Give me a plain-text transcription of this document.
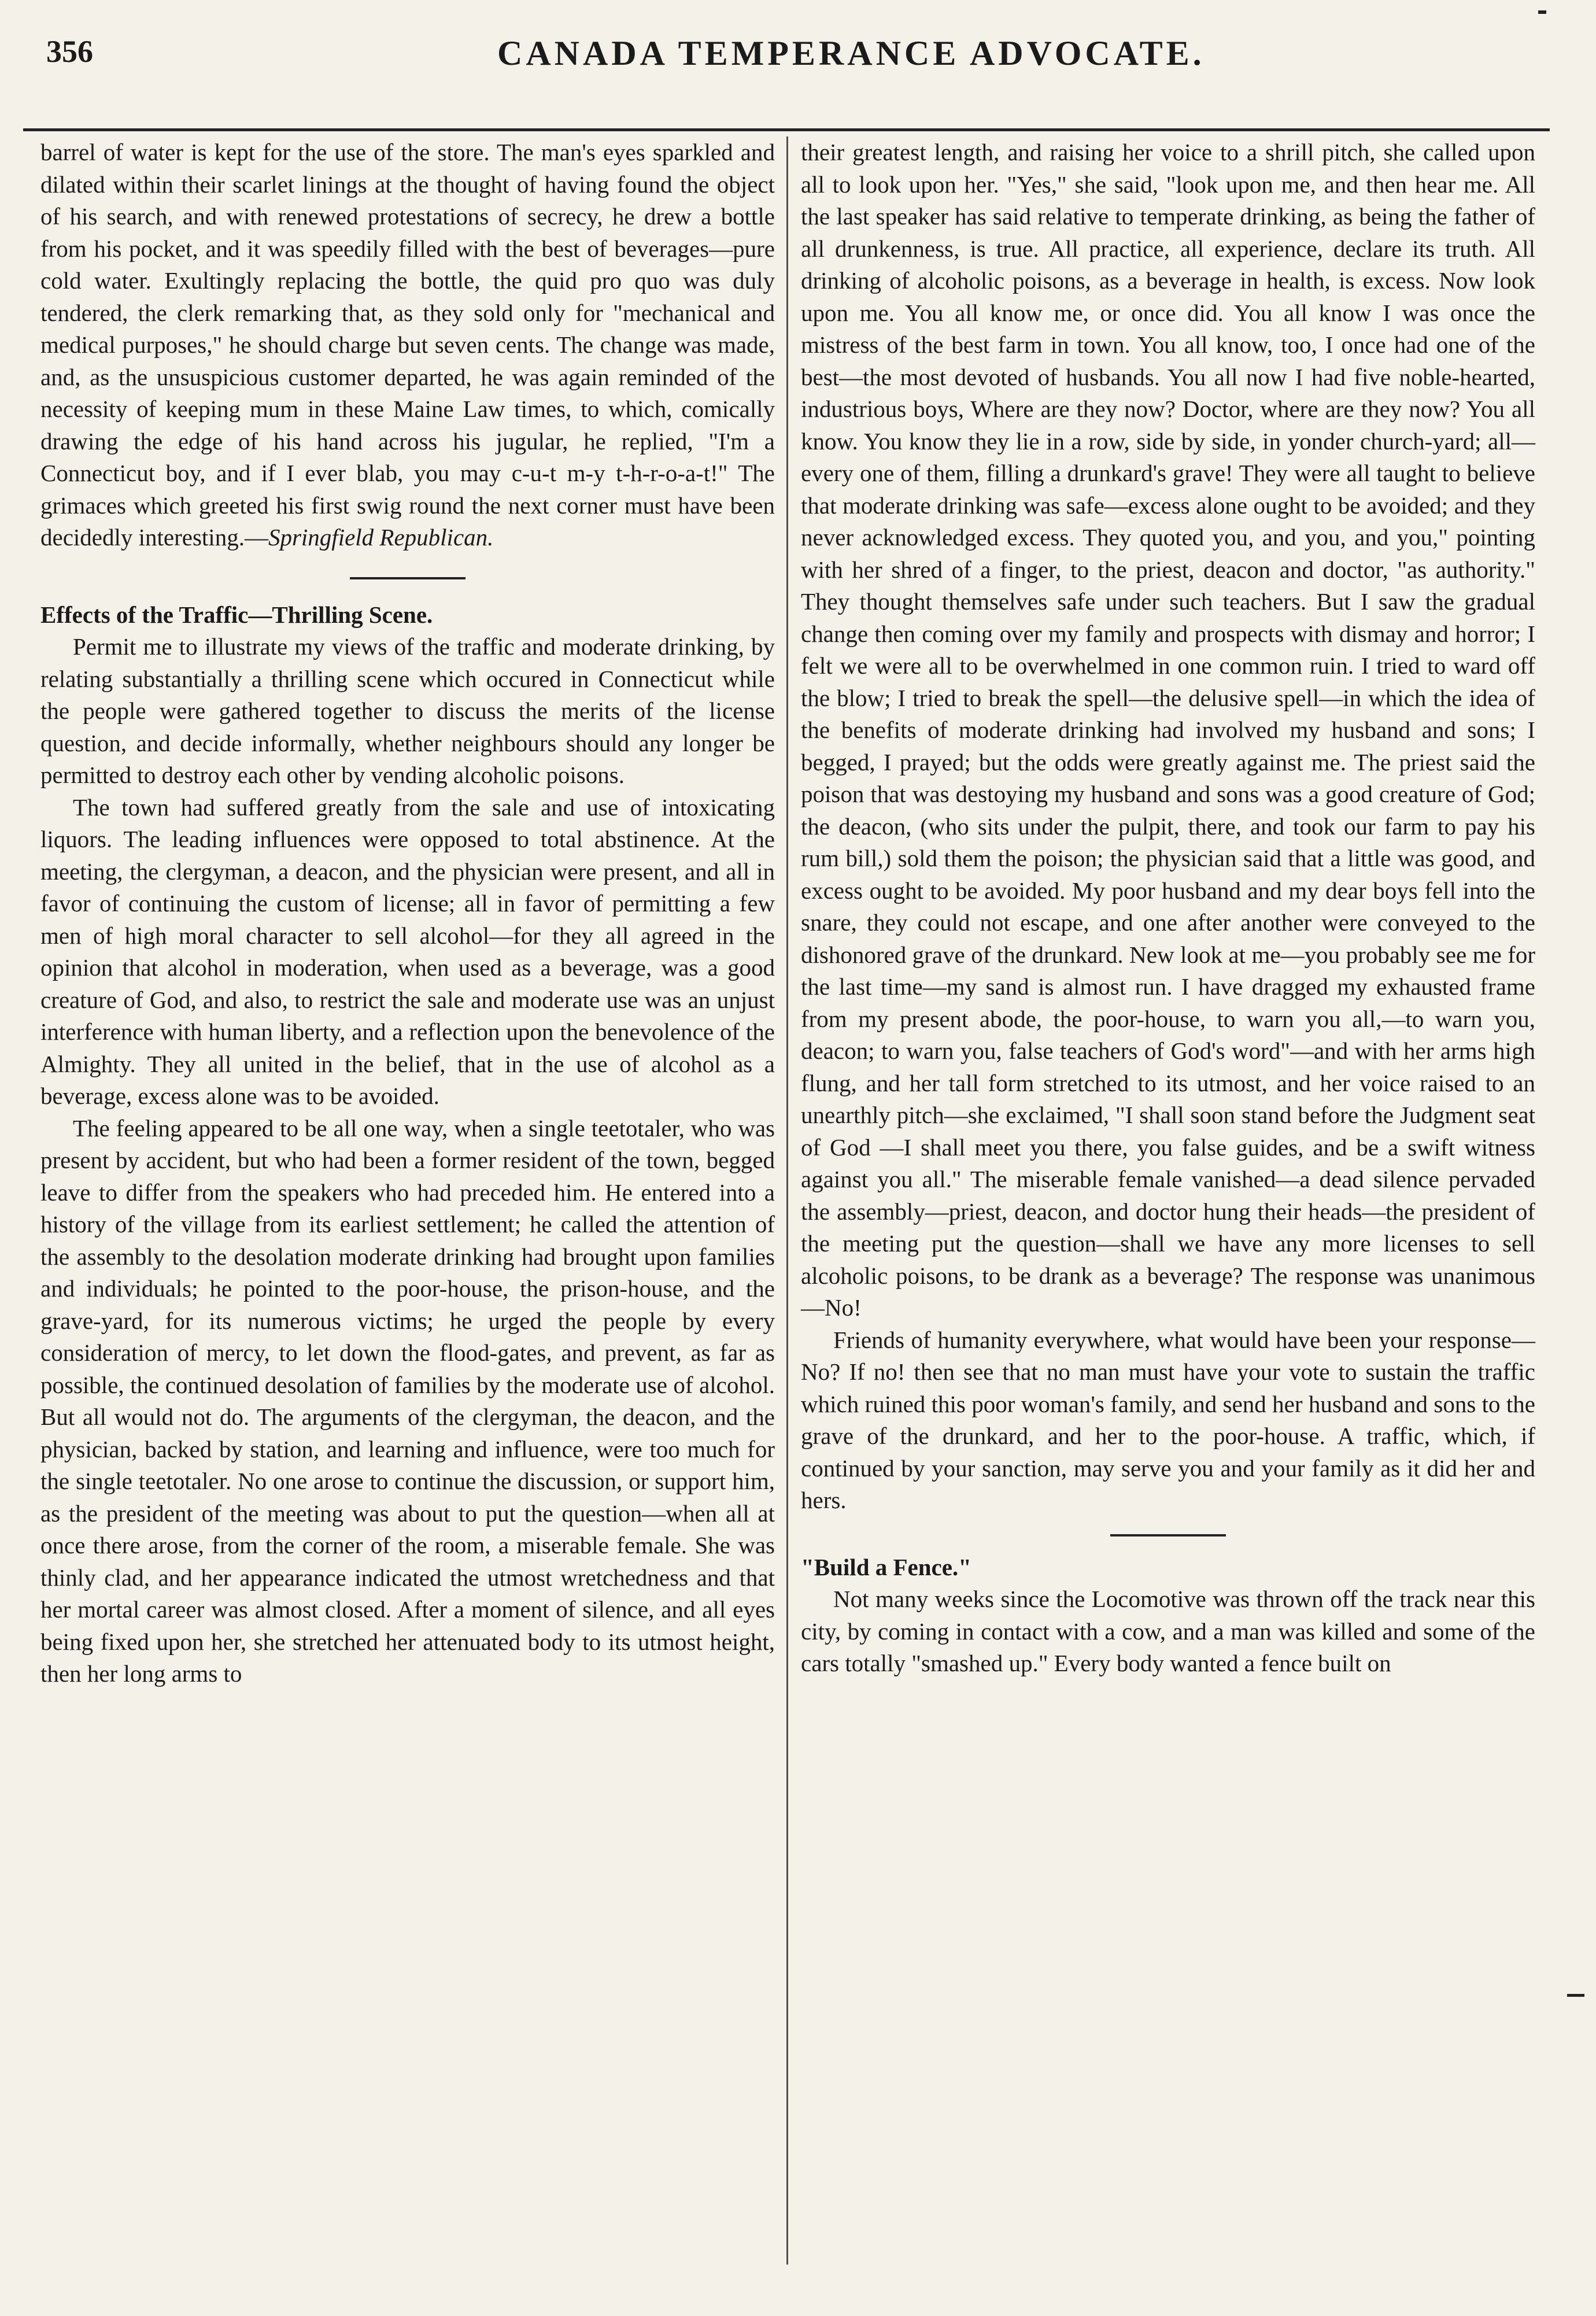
356	CANADA TEMPERANCE ADVOCATE.

barrel of water is kept for the use of the store. The man's eyes sparkled and dilated within their scarlet linings at the thought of having found the object of his search, and with renewed protestations of secrecy, he drew a bottle from his pocket, and it was speedily filled with the best of beverages—pure cold water. Exultingly replacing the bottle, the quid pro quo was duly tendered, the clerk remarking that, as they sold only for "mechanical and medical purposes," he should charge but seven cents. The change was made, and, as the unsuspicious customer departed, he was again reminded of the necessity of keeping mum in these Maine Law times, to which, comically drawing the edge of his hand across his jugular, he replied, "I'm a Connecticut boy, and if I ever blab, you may c-u-t m-y t-h-r-o-a-t!" The grimaces which greeted his first swig round the next corner must have been decidedly interesting.—Springfield Republican.

Effects of the Traffic—Thrilling Scene.

Permit me to illustrate my views of the traffic and moderate drinking, by relating substantially a thrilling scene which occured in Connecticut while the people were gathered together to discuss the merits of the license question, and decide informally, whether neighbours should any longer be permitted to destroy each other by vending alcoholic poisons.

The town had suffered greatly from the sale and use of intoxicating liquors. The leading influences were opposed to total abstinence. At the meeting, the clergyman, a deacon, and the physician were present, and all in favor of continuing the custom of license; all in favor of permitting a few men of high moral character to sell alcohol—for they all agreed in the opinion that alcohol in moderation, when used as a beverage, was a good creature of God, and also, to restrict the sale and moderate use was an unjust interference with human liberty, and a reflection upon the benevolence of the Almighty. They all united in the belief, that in the use of alcohol as a beverage, excess alone was to be avoided.

The feeling appeared to be all one way, when a single teetotaler, who was present by accident, but who had been a former resident of the town, begged leave to differ from the speakers who had preceded him. He entered into a history of the village from its earliest settlement; he called the attention of the assembly to the desolation moderate drinking had brought upon families and individuals; he pointed to the poor-house, the prison-house, and the grave-yard, for its numerous victims; he urged the people by every consideration of mercy, to let down the flood-gates, and prevent, as far as possible, the continued desolation of families by the moderate use of alcohol. But all would not do. The arguments of the clergyman, the deacon, and the physician, backed by station, and learning and influence, were too much for the single teetotaler. No one arose to continue the discussion, or support him, as the president of the meeting was about to put the question—when all at once there arose, from the corner of the room, a miserable female. She was thinly clad, and her appearance indicated the utmost wretchedness and that her mortal career was almost closed. After a moment of silence, and all eyes being fixed upon her, she stretched her attenuated body to its utmost height, then her long arms to

their greatest length, and raising her voice to a shrill pitch, she called upon all to look upon her. "Yes," she said, "look upon me, and then hear me. All the last speaker has said relative to temperate drinking, as being the father of all drunkenness, is true. All practice, all experience, declare its truth. All drinking of alcoholic poisons, as a beverage in health, is excess. Now look upon me. You all know me, or once did. You all know I was once the mistress of the best farm in town. You all know, too, I once had one of the best—the most devoted of husbands. You all now I had five noble-hearted, industrious boys, Where are they now? Doctor, where are they now? You all know. You know they lie in a row, side by side, in yonder church-yard; all—every one of them, filling a drunkard's grave! They were all taught to believe that moderate drinking was safe—excess alone ought to be avoided; and they never acknowledged excess. They quoted you, and you, and you," pointing with her shred of a finger, to the priest, deacon and doctor, "as authority." They thought themselves safe under such teachers. But I saw the gradual change then coming over my family and prospects with dismay and horror; I felt we were all to be overwhelmed in one common ruin. I tried to ward off the blow; I tried to break the spell—the delusive spell—in which the idea of the benefits of moderate drinking had involved my husband and sons; I begged, I prayed; but the odds were greatly against me. The priest said the poison that was destoying my husband and sons was a good creature of God; the deacon, (who sits under the pulpit, there, and took our farm to pay his rum bill,) sold them the poison; the physician said that a little was good, and excess ought to be avoided. My poor husband and my dear boys fell into the snare, they could not escape, and one after another were conveyed to the dishonored grave of the drunkard. New look at me—you probably see me for the last time—my sand is almost run. I have dragged my exhausted frame from my present abode, the poor-house, to warn you all,—to warn you, deacon; to warn you, false teachers of God's word"—and with her arms high flung, and her tall form stretched to its utmost, and her voice raised to an unearthly pitch—she exclaimed, "I shall soon stand before the Judgment seat of God —I shall meet you there, you false guides, and be a swift witness against you all." The miserable female vanished—a dead silence pervaded the assembly—priest, deacon, and doctor hung their heads—the president of the meeting put the question—shall we have any more licenses to sell alcoholic poisons, to be drank as a beverage? The response was unanimous—No!

Friends of humanity everywhere, what would have been your response—No? If no! then see that no man must have your vote to sustain the traffic which ruined this poor woman's family, and send her husband and sons to the grave of the drunkard, and her to the poor-house. A traffic, which, if continued by your sanction, may serve you and your family as it did her and hers.

"Build a Fence."

Not many weeks since the Locomotive was thrown off the track near this city, by coming in contact with a cow, and a man was killed and some of the cars totally "smashed up." Every body wanted a fence built on
